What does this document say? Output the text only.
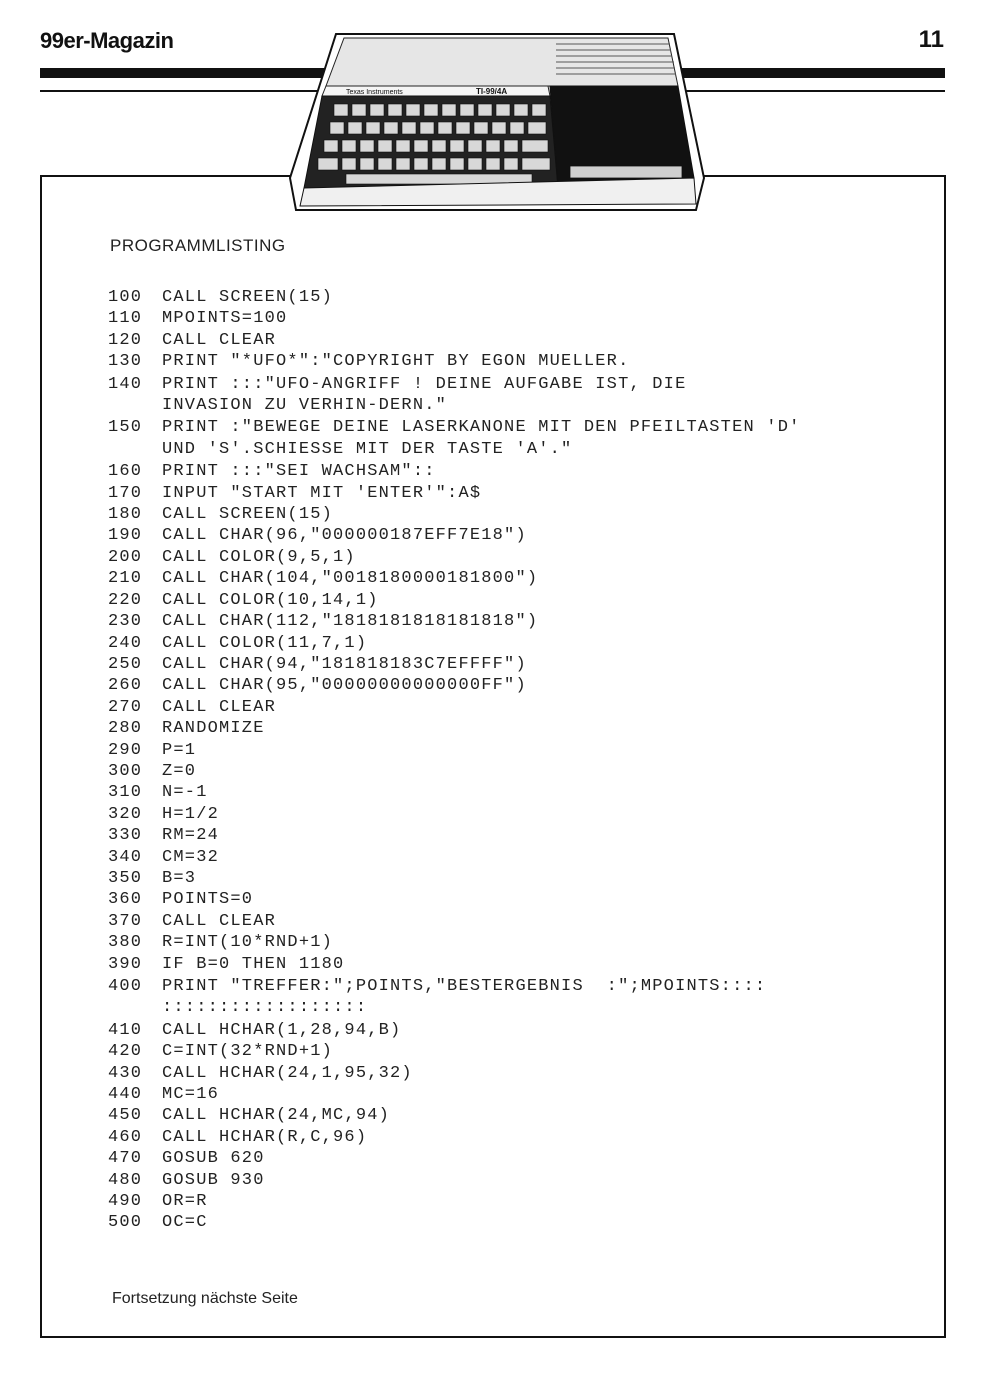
99er-Magazin	11
Texas Instruments	TI-99/4A
PROGRAMMLISTING
100	CALL SCREEN(15)
110	MPOINTS=100
120	CALL CLEAR
130	PRINT "*UFO*":"COPYRIGHT BY EGON MUELLER.
140	PRINT :::"UFO-ANGRIFF ! DEINE AUFGABE IST, DIE
INVASION ZU VERHIN-DERN."
150	PRINT :"BEWEGE DEINE LASERKANONE MIT DEN PFEILTASTEN 'D'
UND 'S'.SCHIESSE MIT DER TASTE 'A'."
160	PRINT :::"SEI WACHSAM"::
170	INPUT "START MIT 'ENTER'":A$
180	CALL SCREEN(15)
190	CALL CHAR(96,"000000187EFF7E18")
200	CALL COLOR(9,5,1)
210	CALL CHAR(104,"0018180000181800")
220	CALL COLOR(10,14,1)
230	CALL CHAR(112,"1818181818181818")
240	CALL COLOR(11,7,1)
250	CALL CHAR(94,"181818183C7EFFFF")
260	CALL CHAR(95,"00000000000000FF")
270	CALL CLEAR
280	RANDOMIZE
290	P=1
300	Z=0
310	N=-1
320	H=1/2
330	RM=24
340	CM=32
350	B=3
360	POINTS=0
370	CALL CLEAR
380	R=INT(10*RND+1)
390	IF B=0 THEN 1180
400	PRINT "TREFFER:";POINTS,"BESTERGEBNIS  :";MPOINTS::::
::::::::::::::::::
410	CALL HCHAR(1,28,94,B)
420	C=INT(32*RND+1)
430	CALL HCHAR(24,1,95,32)
440	MC=16
450	CALL HCHAR(24,MC,94)
460	CALL HCHAR(R,C,96)
470	GOSUB 620
480	GOSUB 930
490	OR=R
500	OC=C
Fortsetzung nächste Seite
